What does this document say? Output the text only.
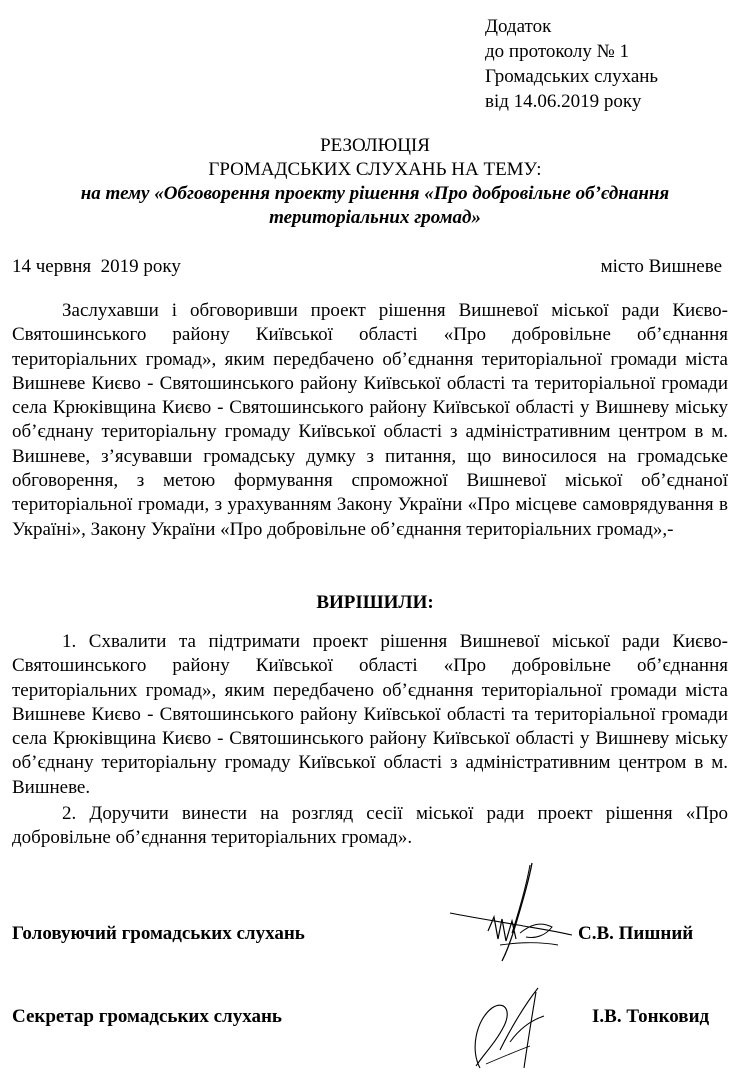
Додаток
до протоколу № 1
Громадських слухань
від 14.06.2019 року
РЕЗОЛЮЦІЯ
ГРОМАДСЬКИХ СЛУХАНЬ НА ТЕМУ:
на тему «Обговорення проекту рішення «Про добровільне об’єднання територіальних громад»
14 червня  2019 року	місто Вишневе

Заслухавши і обговоривши проект рішення Вишневої міської ради Києво-Святошинського району Київської області «Про добровільне об’єднання територіальних громад», яким передбачено об’єднання територіальної громади міста Вишневе Києво - Святошинського району Київської області та територіальної громади села Крюківщина Києво - Святошинського району Київської області у Вишневу міську об’єднану територіальну громаду Київської області з адміністративним центром в м. Вишневе, з’ясувавши громадську думку з питання, що виносилося на громадське обговорення, з метою формування спроможної Вишневої міської об’єднаної територіальної громади, з урахуванням Закону України «Про місцеве самоврядування в Україні», Закону України «Про добровільне об’єднання територіальних громад»,-

ВИРІШИЛИ:

1. Схвалити та підтримати проект рішення Вишневої міської ради Києво-Святошинського району Київської області «Про добровільне об’єднання територіальних громад», яким передбачено об’єднання територіальної громади міста Вишневе Києво - Святошинського району Київської області та територіальної громади села Крюківщина Києво - Святошинського району Київської області у Вишневу міську об’єднану територіальну громаду Київської області з адміністративним центром в м. Вишневе.

2. Доручити винести на розгляд сесії міської ради проект рішення «Про добровільне об’єднання територіальних громад».

Головуючий громадських слухань	С.В. Пишний
Секретар громадських слухань	І.В. Тонковид
